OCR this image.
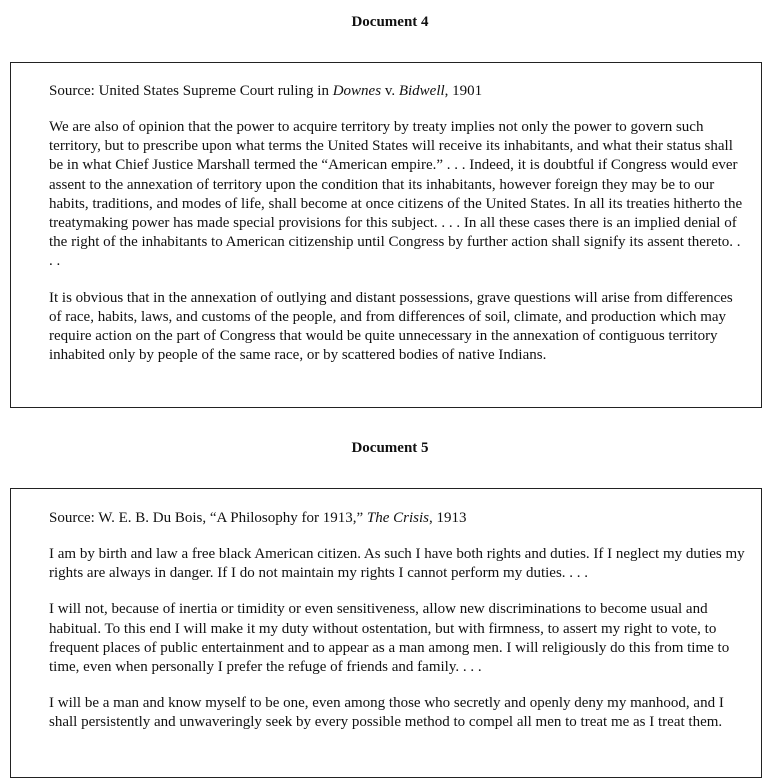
Document 4

Source: United States Supreme Court ruling in Downes v. Bidwell, 1901

We are also of opinion that the power to acquire territory by treaty implies not only the power to govern such territory, but to prescribe upon what terms the United States will receive its inhabitants, and what their status shall be in what Chief Justice Marshall termed the “American empire.” . . . Indeed, it is doubtful if Congress would ever assent to the annexation of territory upon the condition that its inhabitants, however foreign they may be to our habits, traditions, and modes of life, shall become at once citizens of the United States. In all its treaties hitherto the treatymaking power has made special provisions for this subject. . . . In all these cases there is an implied denial of the right of the inhabitants to American citizenship until Congress by further action shall signify its assent thereto. . . .

It is obvious that in the annexation of outlying and distant possessions, grave questions will arise from differences of race, habits, laws, and customs of the people, and from differences of soil, climate, and production which may require action on the part of Congress that would be quite unnecessary in the annexation of contiguous territory inhabited only by people of the same race, or by scattered bodies of native Indians.

Document 5

Source: W. E. B. Du Bois, “A Philosophy for 1913,” The Crisis, 1913

I am by birth and law a free black American citizen. As such I have both rights and duties. If I neglect my duties my rights are always in danger. If I do not maintain my rights I cannot perform my duties. . . .

I will not, because of inertia or timidity or even sensitiveness, allow new discriminations to become usual and habitual. To this end I will make it my duty without ostentation, but with firmness, to assert my right to vote, to frequent places of public entertainment and to appear as a man among men. I will religiously do this from time to time, even when personally I prefer the refuge of friends and family. . . .

I will be a man and know myself to be one, even among those who secretly and openly deny my manhood, and I shall persistently and unwaveringly seek by every possible method to compel all men to treat me as I treat them.
